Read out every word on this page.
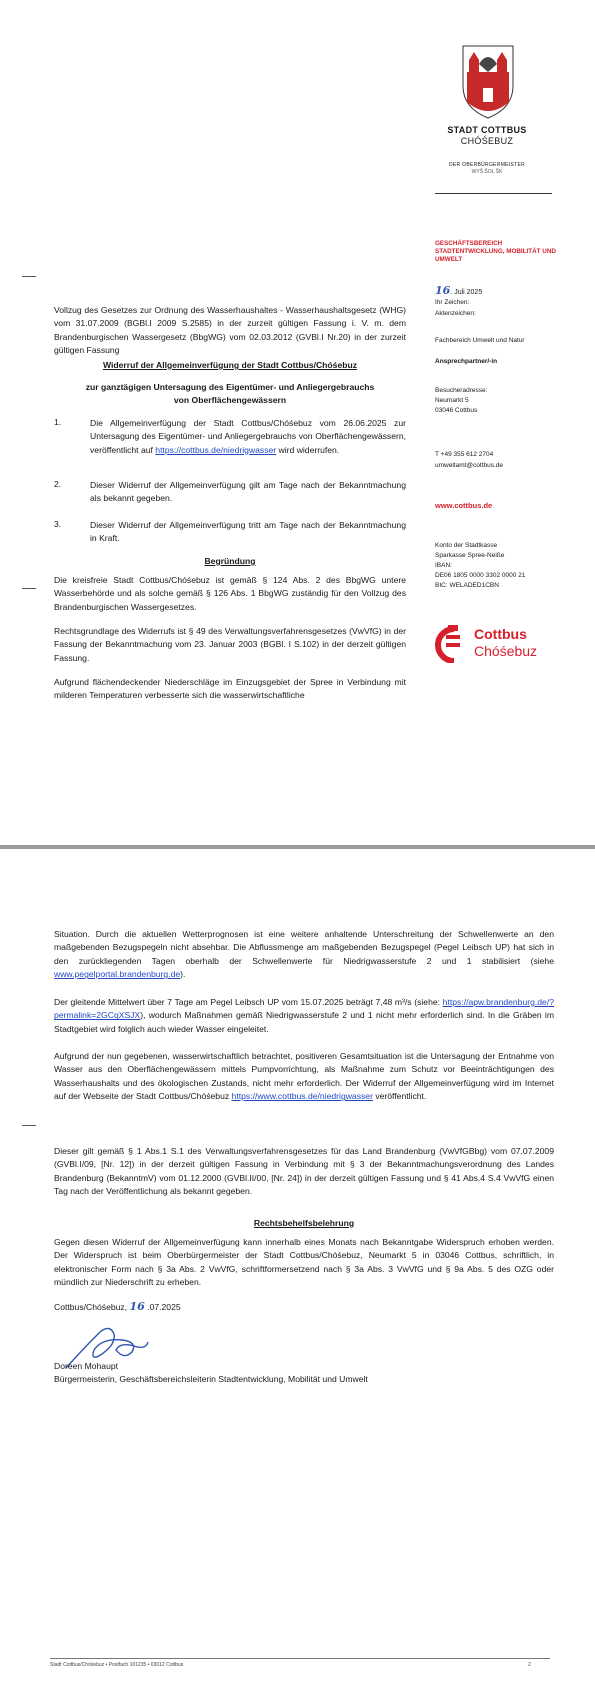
STADT COTTBUS
CHÓŚEBUZ
DER OBERBÜRGERMEISTER
WYŠ ŠOL ŠK
GESCHÄFTSBEREICH STADTENTWICKLUNG, MOBILITÄT UND UMWELT
16. Juli 2025
Ihr Zeichen:
Aktenzeichen:
Fachbereich Umwelt und Natur
Ansprechpartner/-in
Besucheradresse:
Neumarkt 5
03046 Cottbus
T +49 355 612 2704
umweltamt@cottbus.de
www.cottbus.de
Konto der Stadtkasse
Sparkasse Spree-Neiße
IBAN:
DE06 1805 0000 3302 0000 21
BIC: WELADED1CBN
Cottbus
Chóśebuz
Vollzug des Gesetzes zur Ordnung des Wasserhaushaltes - Wasserhaushaltsgesetz (WHG) vom 31.07.2009 (BGBl.I 2009 S.2585) in der zurzeit gültigen Fassung i. V. m. dem Brandenburgischen Wassergesetz (BbgWG) vom 02.03.2012 (GVBl.I Nr.20) in der zurzeit gültigen Fassung
Widerruf der Allgemeinverfügung der Stadt Cottbus/Chóśebuz
zur ganztägigen Untersagung des Eigentümer- und Anliegergebrauchs
von Oberflächengewässern
1.	Die Allgemeinverfügung der Stadt Cottbus/Chóśebuz vom 26.06.2025 zur Untersagung des Eigentümer- und Anliegergebrauchs von Oberflächengewässern, veröffentlicht auf https://cottbus.de/niedrigwasser wird widerrufen.
2.	Dieser Widerruf der Allgemeinverfügung gilt am Tage nach der Bekanntmachung als bekannt gegeben.
3.	Dieser Widerruf der Allgemeinverfügung tritt am Tage nach der Bekanntmachung in Kraft.
Begründung
Die kreisfreie Stadt Cottbus/Chóśebuz ist gemäß § 124 Abs. 2 des BbgWG untere Wasserbehörde und als solche gemäß § 126 Abs. 1 BbgWG zuständig für den Vollzug des Brandenburgischen Wassergesetzes.
Rechtsgrundlage des Widerrufs ist § 49 des Verwaltungsverfahrensgesetzes (VwVfG) in der Fassung der Bekanntmachung vom 23. Januar 2003 (BGBl. I S.102) in der derzeit gültigen Fassung.
Aufgrund flächendeckender Niederschläge im Einzugsgebiet der Spree in Verbindung mit milderen Temperaturen verbesserte sich die wasserwirtschaftliche
Situation. Durch die aktuellen Wetterprognosen ist eine weitere anhaltende Unterschreitung der Schwellenwerte an den maßgebenden Bezugspegeln nicht absehbar. Die Abflussmenge am maßgebenden Bezugspegel (Pegel Leibsch UP) hat sich in den zurückliegenden Tagen oberhalb der Schwellenwerte für Niedrigwasserstufe 2 und 1 stabilisiert (siehe www.pegelportal.brandenburg.de).
Der gleitende Mittelwert über 7 Tage am Pegel Leibsch UP vom 15.07.2025 beträgt 7,48 m³/s (siehe: https://apw.brandenburg.de/?permalink=2GCqXSJX), wodurch Maßnahmen gemäß Niedrigwasserstufe 2 und 1 nicht mehr erforderlich sind. In die Gräben im Stadtgebiet wird folglich auch wieder Wasser eingeleitet.
Aufgrund der nun gegebenen, wasserwirtschaftlich betrachtet, positiveren Gesamtsituation ist die Untersagung der Entnahme von Wasser aus den Oberflächengewässern mittels Pumpvorrichtung, als Maßnahme zum Schutz vor Beeinträchtigungen des Wasserhaushalts und des ökologischen Zustands, nicht mehr erforderlich. Der Widerruf der Allgemeinverfügung wird im Internet auf der Webseite der Stadt Cottbus/Chóśebuz https://www.cottbus.de/niedrigwasser veröffentlicht.
Dieser gilt gemäß § 1 Abs.1 S.1 des Verwaltungsverfahrensgesetzes für das Land Brandenburg (VwVfGBbg) vom 07.07.2009 (GVBl.I/09, [Nr. 12]) in der derzeit gültigen Fassung in Verbindung mit § 3 der Bekanntmachungsverordnung des Landes Brandenburg (BekanntmV) vom 01.12.2000 (GVBl.II/00, [Nr. 24]) in der derzeit gültigen Fassung und § 41 Abs.4 S.4 VwVfG einen Tag nach der Veröffentlichung als bekannt gegeben.
Rechtsbehelfsbelehrung
Gegen diesen Widerruf der Allgemeinverfügung kann innerhalb eines Monats nach Bekanntgabe Widerspruch erhoben werden. Der Widerspruch ist beim Oberbürgermeister der Stadt Cottbus/Chóśebuz, Neumarkt 5 in 03046 Cottbus, schriftlich, in elektronischer Form nach § 3a Abs. 2 VwVfG, schriftformersetzend nach § 3a Abs. 3 VwVfG und § 9a Abs. 5 des OZG oder mündlich zur Niederschrift zu erheben.
Cottbus/Chóśebuz, 16 .07.2025
Doreen Mohaupt
Bürgermeisterin, Geschäftsbereichsleiterin Stadtentwicklung, Mobilität und Umwelt
Stadt Cottbus/Chóśebuz • Postfach 101235 • 03012 Cottbus	2
